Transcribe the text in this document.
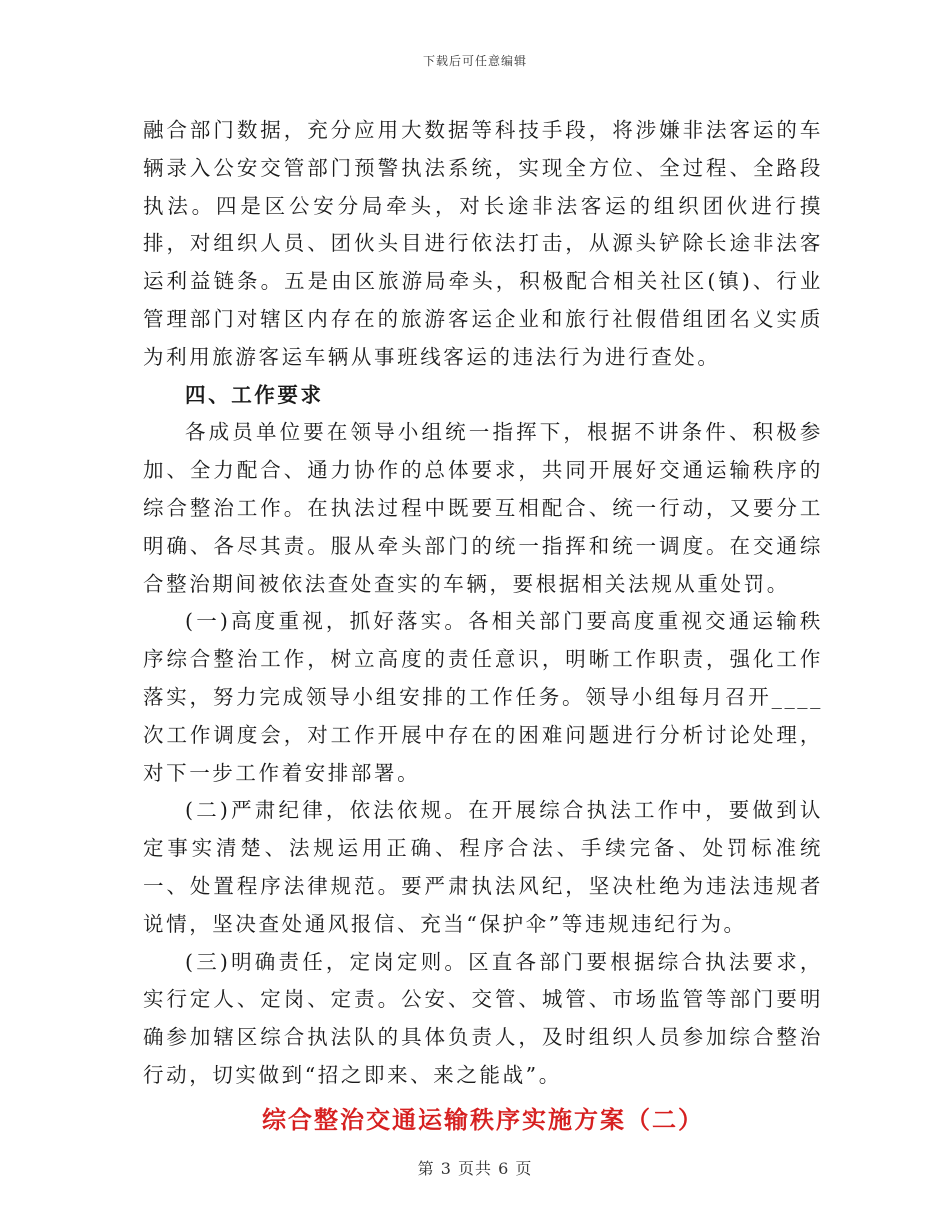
下载后可任意编辑

融合部门数据，充分应用大数据等科技手段，将涉嫌非法客运的车辆录入公安交管部门预警执法系统，实现全方位、全过程、全路段执法。四是区公安分局牵头，对长途非法客运的组织团伙进行摸排，对组织人员、团伙头目进行依法打击，从源头铲除长途非法客运利益链条。五是由区旅游局牵头，积极配合相关社区(镇)、行业管理部门对辖区内存在的旅游客运企业和旅行社假借组团名义实质为利用旅游客运车辆从事班线客运的违法行为进行查处。

四、工作要求

各成员单位要在领导小组统一指挥下，根据不讲条件、积极参加、全力配合、通力协作的总体要求，共同开展好交通运输秩序的综合整治工作。在执法过程中既要互相配合、统一行动，又要分工明确、各尽其责。服从牵头部门的统一指挥和统一调度。在交通综合整治期间被依法查处查实的车辆，要根据相关法规从重处罚。

(一)高度重视，抓好落实。各相关部门要高度重视交通运输秩序综合整治工作，树立高度的责任意识，明晰工作职责，强化工作落实，努力完成领导小组安排的工作任务。领导小组每月召开____次工作调度会，对工作开展中存在的困难问题进行分析讨论处理，对下一步工作着安排部署。

(二)严肃纪律，依法依规。在开展综合执法工作中，要做到认定事实清楚、法规运用正确、程序合法、手续完备、处罚标准统一、处置程序法律规范。要严肃执法风纪，坚决杜绝为违法违规者说情，坚决查处通风报信、充当“保护伞”等违规违纪行为。

(三)明确责任，定岗定则。区直各部门要根据综合执法要求，实行定人、定岗、定责。公安、交管、城管、市场监管等部门要明确参加辖区综合执法队的具体负责人，及时组织人员参加综合整治行动，切实做到“招之即来、来之能战”。

综合整治交通运输秩序实施方案（二）
第 3 页共 6 页
